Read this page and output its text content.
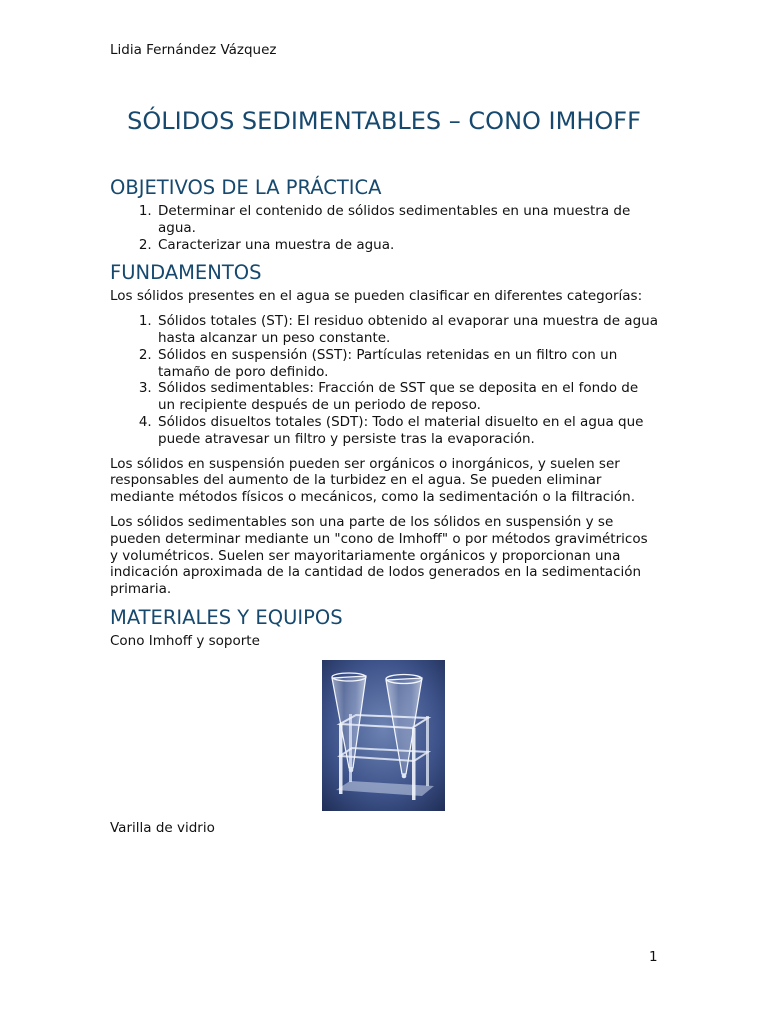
Lidia Fernández Vázquez
SÓLIDOS SEDIMENTABLES – CONO IMHOFF
OBJETIVOS DE LA PRÁCTICA
1. Determinar el contenido de sólidos sedimentables en una muestra de agua.
2. Caracterizar una muestra de agua.
FUNDAMENTOS

Los sólidos presentes en el agua se pueden clasificar en diferentes categorías:

1. Sólidos totales (ST): El residuo obtenido al evaporar una muestra de agua hasta alcanzar un peso constante.
2. Sólidos en suspensión (SST): Partículas retenidas en un filtro con un tamaño de poro definido.
3. Sólidos sedimentables: Fracción de SST que se deposita en el fondo de un recipiente después de un periodo de reposo.
4. Sólidos disueltos totales (SDT): Todo el material disuelto en el agua que puede atravesar un filtro y persiste tras la evaporación.

Los sólidos en suspensión pueden ser orgánicos o inorgánicos, y suelen ser responsables del aumento de la turbidez en el agua. Se pueden eliminar mediante métodos físicos o mecánicos, como la sedimentación o la filtración.

Los sólidos sedimentables son una parte de los sólidos en suspensión y se pueden determinar mediante un "cono de Imhoff" o por métodos gravimétricos y volumétricos. Suelen ser mayoritariamente orgánicos y proporcionan una indicación aproximada de la cantidad de lodos generados en la sedimentación primaria.

MATERIALES Y EQUIPOS

Cono Imhoff y soporte

Varilla de vidrio

1
